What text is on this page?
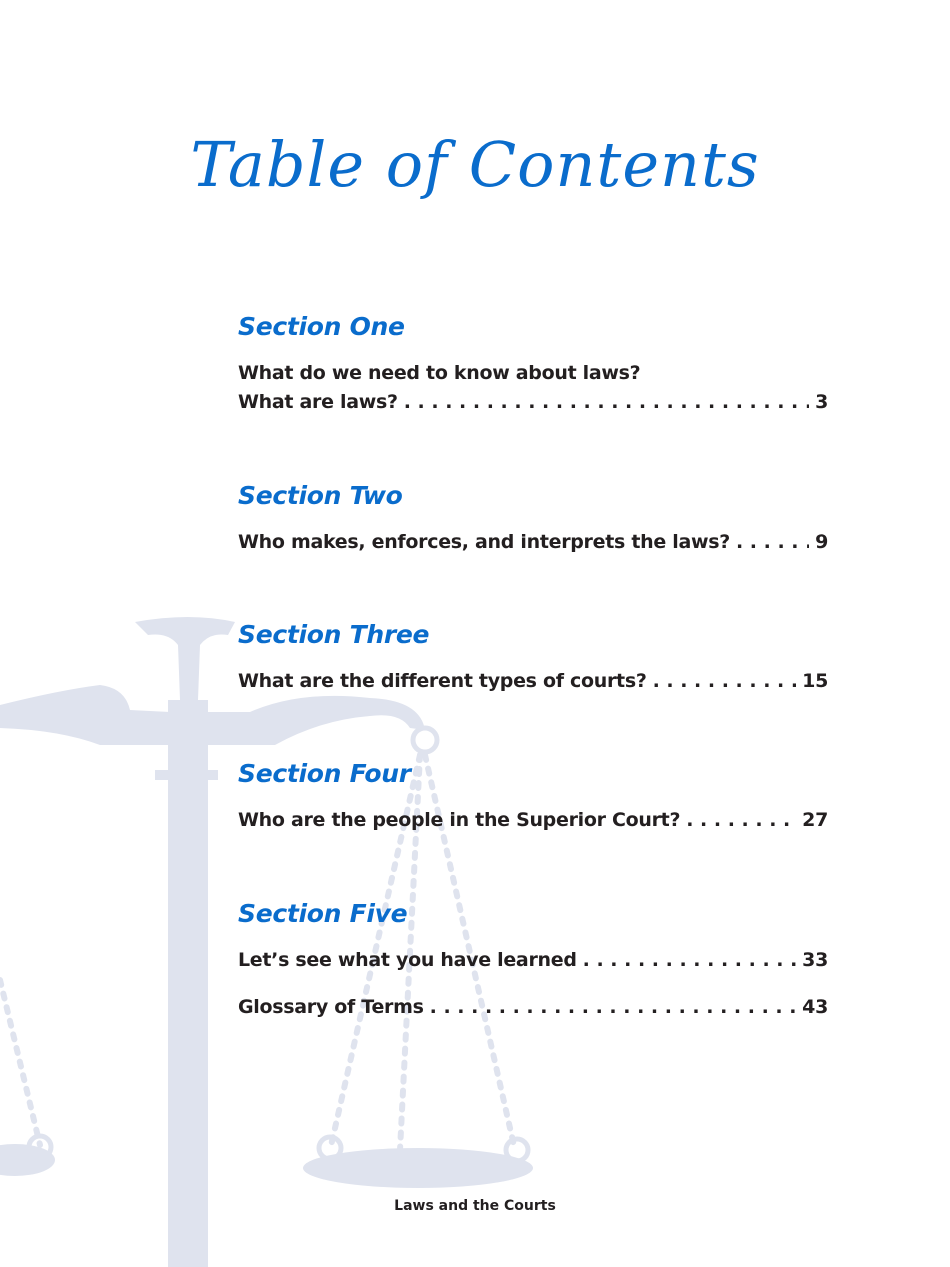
Table of Contents
Section One
What do we need to know about laws?
What are laws? . . .	3
Section Two
Who makes, enforces, and interprets the laws? . . .	9
Section Three
What are the different types of courts? . . .	15
Section Four
Who are the people in the Superior Court? . . .	27
Section Five
Let’s see what you have learned . . .	33
Glossary of Terms . . .	43
Laws and the Courts
